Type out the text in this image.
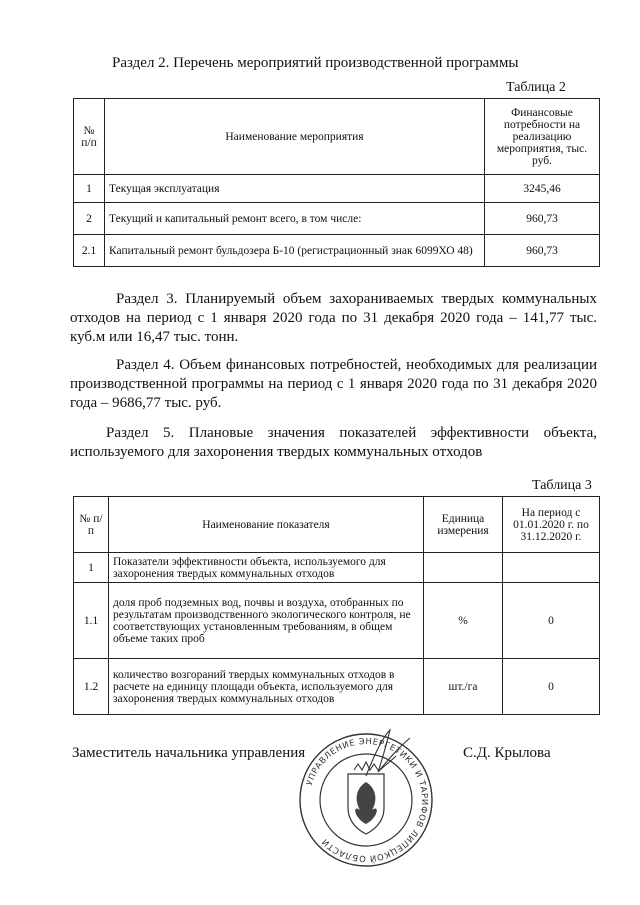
Раздел 2. Перечень мероприятий производственной программы
Таблица 2
№ п/п	Наименование мероприятия	Финансовые потребности на реализацию мероприятия, тыс. руб.
1	Текущая эксплуатация	3245,46
2	Текущий и капитальный ремонт всего, в том числе:	960,73
2.1	Капитальный ремонт бульдозера Б-10 (регистрационный знак 6099ХО 48)	960,73
Раздел 3. Планируемый объем захораниваемых твердых коммунальных отходов на период с 1 января 2020 года по 31 декабря 2020 года – 141,77 тыс. куб.м или 16,47 тыс. тонн.
Раздел 4. Объем финансовых потребностей, необходимых для реализации производственной программы на период с 1 января 2020 года по 31 декабря 2020 года – 9686,77 тыс. руб.
Раздел 5. Плановые значения показателей эффективности объекта, используемого для захоронения твердых коммунальных отходов
Таблица 3
№ п/п	Наименование показателя	Единица измерения	На период с 01.01.2020 г. по 31.12.2020 г.
1	Показатели эффективности объекта, используемого для захоронения твердых коммунальных отходов		
1.1	доля проб подземных вод, почвы и воздуха, отобранных по результатам производственного экологического контроля, не соответствующих установленным требованиям, в общем объеме таких проб	%	0
1.2	количество возгораний твердых коммунальных отходов в расчете на единицу площади объекта, используемого для захоронения твердых коммунальных отходов	шт./га	0
Заместитель начальника управления	С.Д. Крылова
УПРАВЛЕНИЕ ЭНЕРГЕТИКИ И ТАРИФОВ ЛИПЕЦКОЙ ОБЛАСТИ
